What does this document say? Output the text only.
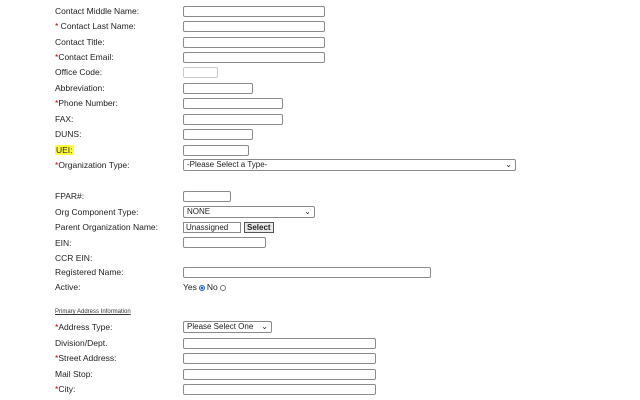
Contact Middle Name:
* Contact Last Name:
Contact Title:
*Contact Email:
Office Code:
Abbreviation:
*Phone Number:
FAX:
DUNS:
UEI:
*Organization Type:	-Please Select a Type-	⌄
FPAR#:
Org Component Type:	NONE	⌄
Parent Organization Name:	Unassigned	Select
EIN:
CCR EIN:
Registered Name:
Active:	Yes No
Primary Address Information
*Address Type:	Please Select One ⌄
Division/Dept.
*Street Address:
Mail Stop:
*City:
